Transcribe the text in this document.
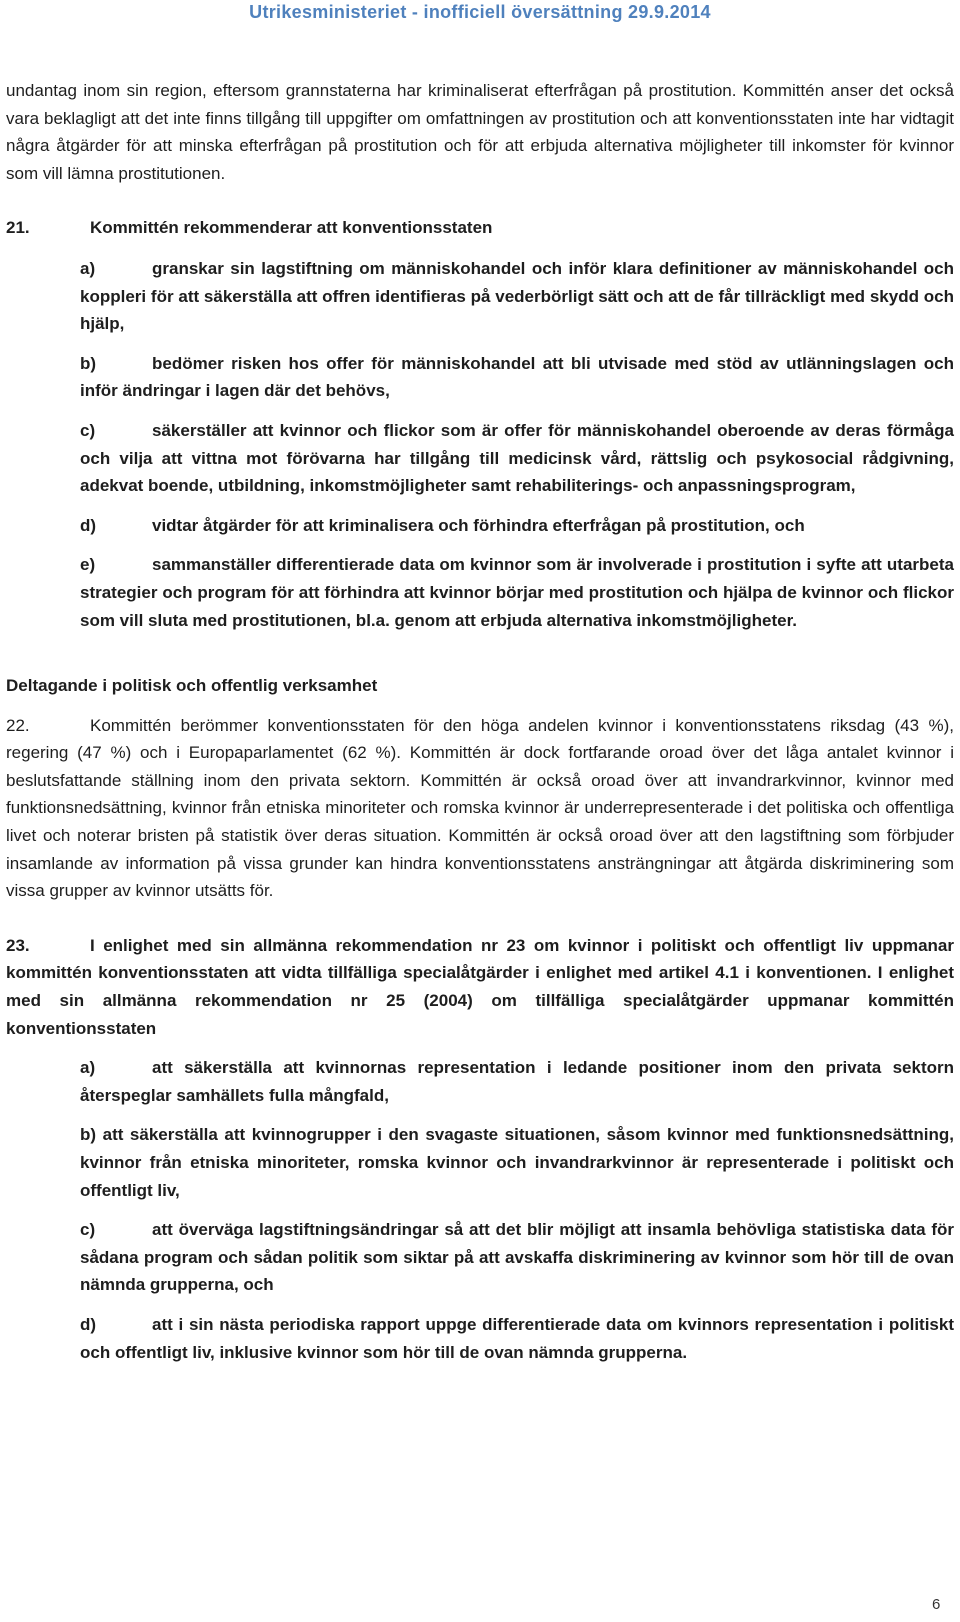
Utrikesministeriet - inofficiell översättning 29.9.2014

undantag inom sin region, eftersom grannstaterna har kriminaliserat efterfrågan på prostitution. Kommittén anser det också vara beklagligt att det inte finns tillgång till uppgifter om omfattningen av prostitution och att konventionsstaten inte har vidtagit några åtgärder för att minska efterfrågan på prostitution och för att erbjuda alternativa möjligheter till inkomster för kvinnor som vill lämna prostitutionen.

21.	Kommittén rekommenderar att konventionsstaten

a)	granskar sin lagstiftning om människohandel och inför klara definitioner av människohandel och koppleri för att säkerställa att offren identifieras på vederbörligt sätt och att de får tillräckligt med skydd och hjälp,

b)	bedömer risken hos offer för människohandel att bli utvisade med stöd av utlänningslagen och inför ändringar i lagen där det behövs,

c)	säkerställer att kvinnor och flickor som är offer för människohandel oberoende av deras förmåga och vilja att vittna mot förövarna har tillgång till medicinsk vård, rättslig och psykosocial rådgivning, adekvat boende, utbildning, inkomstmöjligheter samt rehabiliterings- och anpassningsprogram,

d)	vidtar åtgärder för att kriminalisera och förhindra efterfrågan på prostitution, och

e)	sammanställer differentierade data om kvinnor som är involverade i prostitution i syfte att utarbeta strategier och program för att förhindra att kvinnor börjar med prostitution och hjälpa de kvinnor och flickor som vill sluta med prostitutionen, bl.a. genom att erbjuda alternativa inkomstmöjligheter.

Deltagande i politisk och offentlig verksamhet

22.	Kommittén berömmer konventionsstaten för den höga andelen kvinnor i konventionsstatens riksdag (43 %), regering (47 %) och i Europaparlamentet (62 %). Kommittén är dock fortfarande oroad över det låga antalet kvinnor i beslutsfattande ställning inom den privata sektorn. Kommittén är också oroad över att invandrarkvinnor, kvinnor med funktionsnedsättning, kvinnor från etniska minoriteter och romska kvinnor är underrepresenterade i det politiska och offentliga livet och noterar bristen på statistik över deras situation. Kommittén är också oroad över att den lagstiftning som förbjuder insamlande av information på vissa grunder kan hindra konventionsstatens ansträngningar att åtgärda diskriminering som vissa grupper av kvinnor utsätts för.

23.	I enlighet med sin allmänna rekommendation nr 23 om kvinnor i politiskt och offentligt liv uppmanar kommittén konventionsstaten att vidta tillfälliga specialåtgärder i enlighet med artikel 4.1 i konventionen. I enlighet med sin allmänna rekommendation nr 25 (2004) om tillfälliga specialåtgärder uppmanar kommittén konventionsstaten

a)	att säkerställa att kvinnornas representation i ledande positioner inom den privata sektorn återspeglar samhällets fulla mångfald,

b) att säkerställa att kvinnogrupper i den svagaste situationen, såsom kvinnor med funktionsnedsättning, kvinnor från etniska minoriteter, romska kvinnor och invandrarkvinnor är representerade i politiskt och offentligt liv,

c)	att överväga lagstiftningsändringar så att det blir möjligt att insamla behövliga statistiska data för sådana program och sådan politik som siktar på att avskaffa diskriminering av kvinnor som hör till de ovan nämnda grupperna, och

d)	att i sin nästa periodiska rapport uppge differentierade data om kvinnors representation i politiskt och offentligt liv, inklusive kvinnor som hör till de ovan nämnda grupperna.

6
